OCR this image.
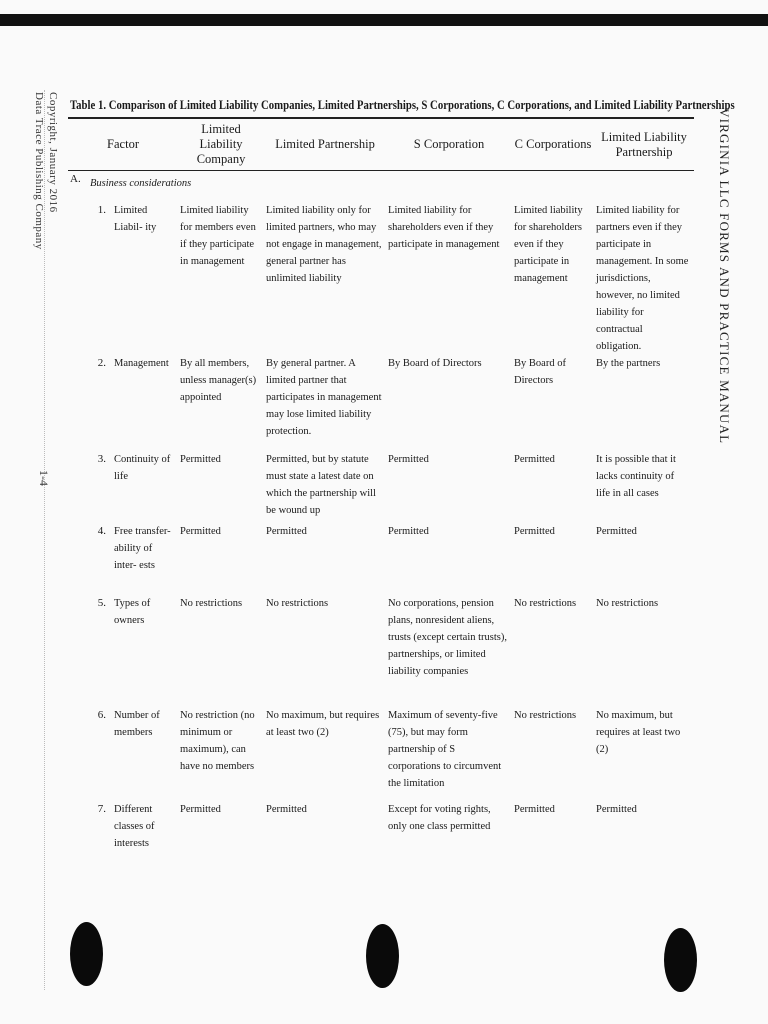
Copyright, January 2016
Data Trace Publishing Company
1-4
VIRGINIA LLC FORMS AND PRACTICE MANUAL
Table 1. Comparison of Limited Liability Companies, Limited Partnerships, S Corporations, C Corporations, and Limited Liability Partnerships
Factor			Limited Liability Company	Limited Partnership	S Corporation	C Corporations	Limited Liability Partnership
A.	Business considerations						
	1.	Limited Liabil- ity	Limited liability for members even if they participate in management	Limited liability only for limited partners, who may not engage in management, general partner has unlimited liability	Limited liability for shareholders even if they participate in management	Limited liability for shareholders even if they participate in management	Limited liability for partners even if they participate in management. In some jurisdictions, however, no limited liability for contractual obligation.
	2.	Management	By all members, unless manager(s) appointed	By general partner. A limited partner that participates in management may lose limited liability protection.	By Board of Directors	By Board of Directors	By the partners
	3.	Continuity of life	Permitted	Permitted, but by statute must state a latest date on which the partnership will be wound up	Permitted	Permitted	It is possible that it lacks continuity of life in all cases
	4.	Free transfer- ability of inter- ests	Permitted	Permitted	Permitted	Permitted	Permitted
	5.	Types of owners	No restrictions	No restrictions	No corporations, pension plans, nonresident aliens, trusts (except certain trusts), partnerships, or limited liability companies	No restrictions	No restrictions
	6.	Number of members	No restriction (no minimum or maximum), can have no members	No maximum, but requires at least two (2)	Maximum of seventy-five (75), but may form partnership of S corporations to circumvent the limitation	No restrictions	No maximum, but requires at least two (2)
	7.	Different classes of interests	Permitted	Permitted	Except for voting rights, only one class permitted	Permitted	Permitted
